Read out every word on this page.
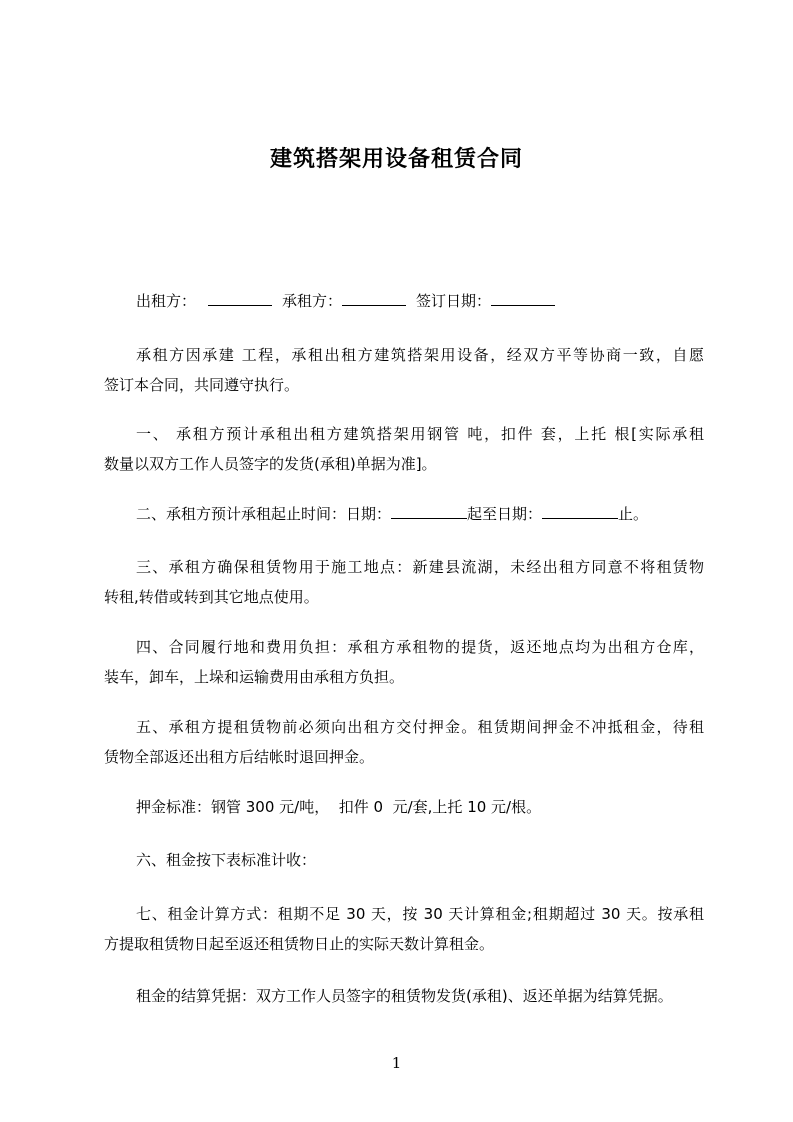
建筑搭架用设备租赁合同
出租方：	承租方：	签订日期：
承租方因承建 工程，承租出租方建筑搭架用设备，经双方平等协商一致，自愿
签订本合同，共同遵守执行。
一、 承租方预计承租出租方建筑搭架用钢管 吨，扣件 套，上托 根[实际承租
数量以双方工作人员签字的发货(承租)单据为准]。
二、承租方预计承租起止时间：日期：	起至日期：	止。
三、承租方确保租赁物用于施工地点：新建县流湖，未经出租方同意不将租赁物
转租,转借或转到其它地点使用。
四、合同履行地和费用负担：承租方承租物的提货，返还地点均为出租方仓库，
装车，卸车，上垛和运输费用由承租方负担。
五、承租方提租赁物前必须向出租方交付押金。租赁期间押金不冲抵租金，待租
赁物全部返还出租方后结帐时退回押金。
押金标准：钢管 300 元/吨，  扣件 0  元/套,上托 10 元/根。
六、租金按下表标准计收：
七、租金计算方式：租期不足 30 天，按 30 天计算租金;租期超过 30 天。按承租
方提取租赁物日起至返还租赁物日止的实际天数计算租金。
租金的结算凭据：双方工作人员签字的租赁物发货(承租)、返还单据为结算凭据。
1
